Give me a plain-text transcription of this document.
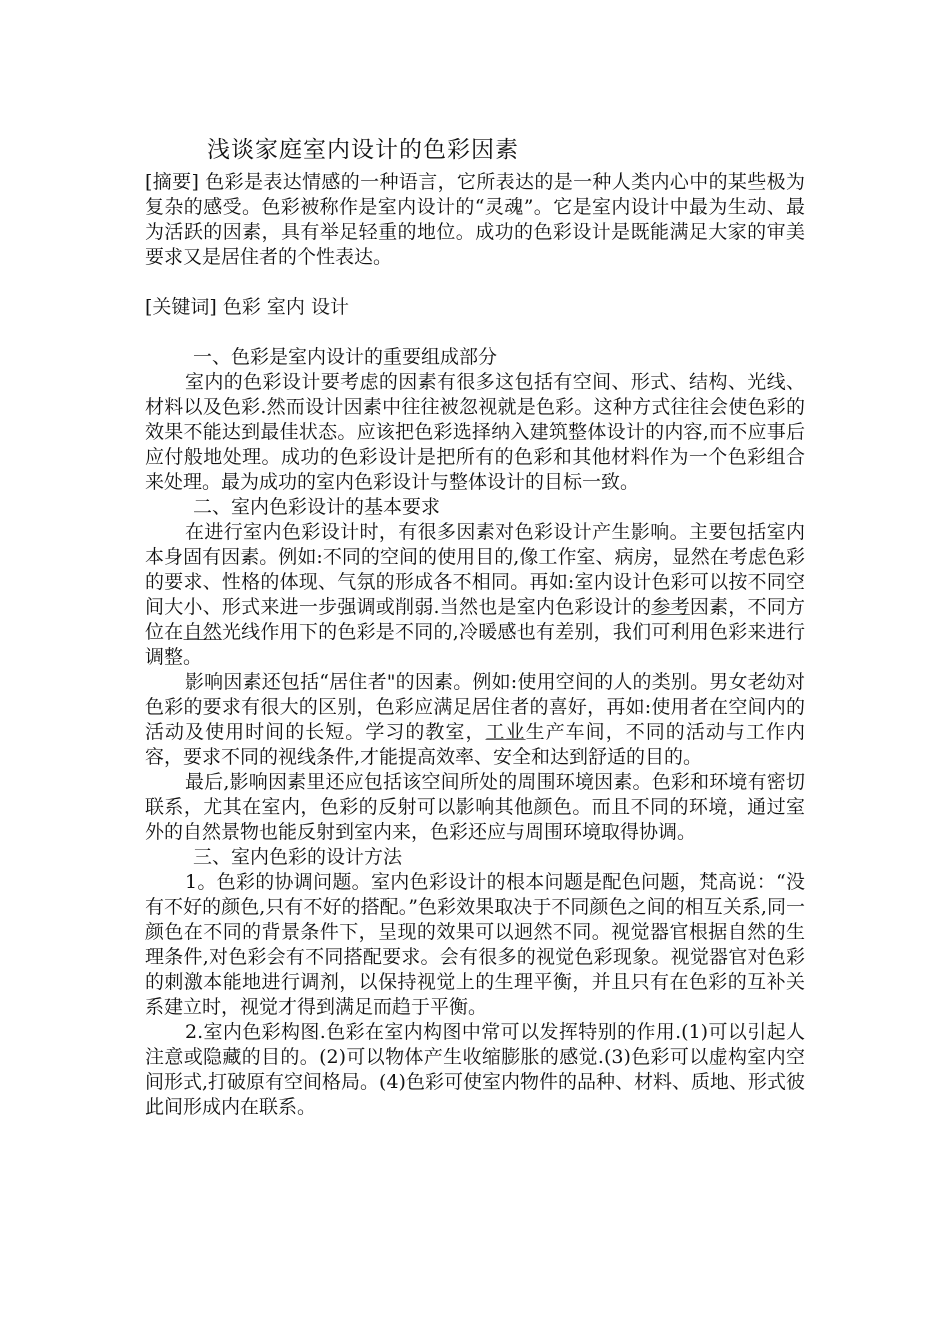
浅谈家庭室内设计的色彩因素

[摘要] 色彩是表达情感的一种语言，它所表达的是一种人类内心中的某些极为复杂的感受。色彩被称作是室内设计的“灵魂”。它是室内设计中最为生动、最为活跃的因素，具有举足轻重的地位。成功的色彩设计是既能满足大家的审美要求又是居住者的个性表达。

[关键词] 色彩 室内 设计

一、色彩是室内设计的重要组成部分

室内的色彩设计要考虑的因素有很多这包括有空间、形式、结构、光线、材料以及色彩.然而设计因素中往往被忽视就是色彩。这种方式往往会使色彩的效果不能达到最佳状态。应该把色彩选择纳入建筑整体设计的内容,而不应事后应付般地处理。成功的色彩设计是把所有的色彩和其他材料作为一个色彩组合来处理。最为成功的室内色彩设计与整体设计的目标一致。

二、室内色彩设计的基本要求

在进行室内色彩设计时，有很多因素对色彩设计产生影响。主要包括室内本身固有因素。例如:不同的空间的使用目的,像工作室、病房，显然在考虑色彩的要求、性格的体现、气氛的形成各不相同。再如:室内设计色彩可以按不同空间大小、形式来进一步强调或削弱.当然也是室内色彩设计的参考因素，不同方位在自然光线作用下的色彩是不同的,冷暖感也有差别，我们可利用色彩来进行调整。

影响因素还包括“居住者"的因素。例如:使用空间的人的类别。男女老幼对色彩的要求有很大的区别，色彩应满足居住者的喜好，再如:使用者在空间内的活动及使用时间的长短。学习的教室，工业生产车间，不同的活动与工作内容，要求不同的视线条件,才能提高效率、安全和达到舒适的目的。

最后,影响因素里还应包括该空间所处的周围环境因素。色彩和环境有密切联系，尤其在室内，色彩的反射可以影响其他颜色。而且不同的环境，通过室外的自然景物也能反射到室内来，色彩还应与周围环境取得协调。

三、室内色彩的设计方法

1。色彩的协调问题。室内色彩设计的根本问题是配色问题，梵高说：“没有不好的颜色,只有不好的搭配。”色彩效果取决于不同颜色之间的相互关系,同一颜色在不同的背景条件下，呈现的效果可以迥然不同。视觉器官根据自然的生理条件,对色彩会有不同搭配要求。会有很多的视觉色彩现象。视觉器官对色彩的刺激本能地进行调剂，以保持视觉上的生理平衡，并且只有在色彩的互补关系建立时，视觉才得到满足而趋于平衡。

2.室内色彩构图.色彩在室内构图中常可以发挥特别的作用.(1)可以引起人注意或隐藏的目的。(2)可以物体产生收缩膨胀的感觉.(3)色彩可以虚构室内空间形式,打破原有空间格局。(4)色彩可使室内物件的品种、材料、质地、形式彼此间形成内在联系。
